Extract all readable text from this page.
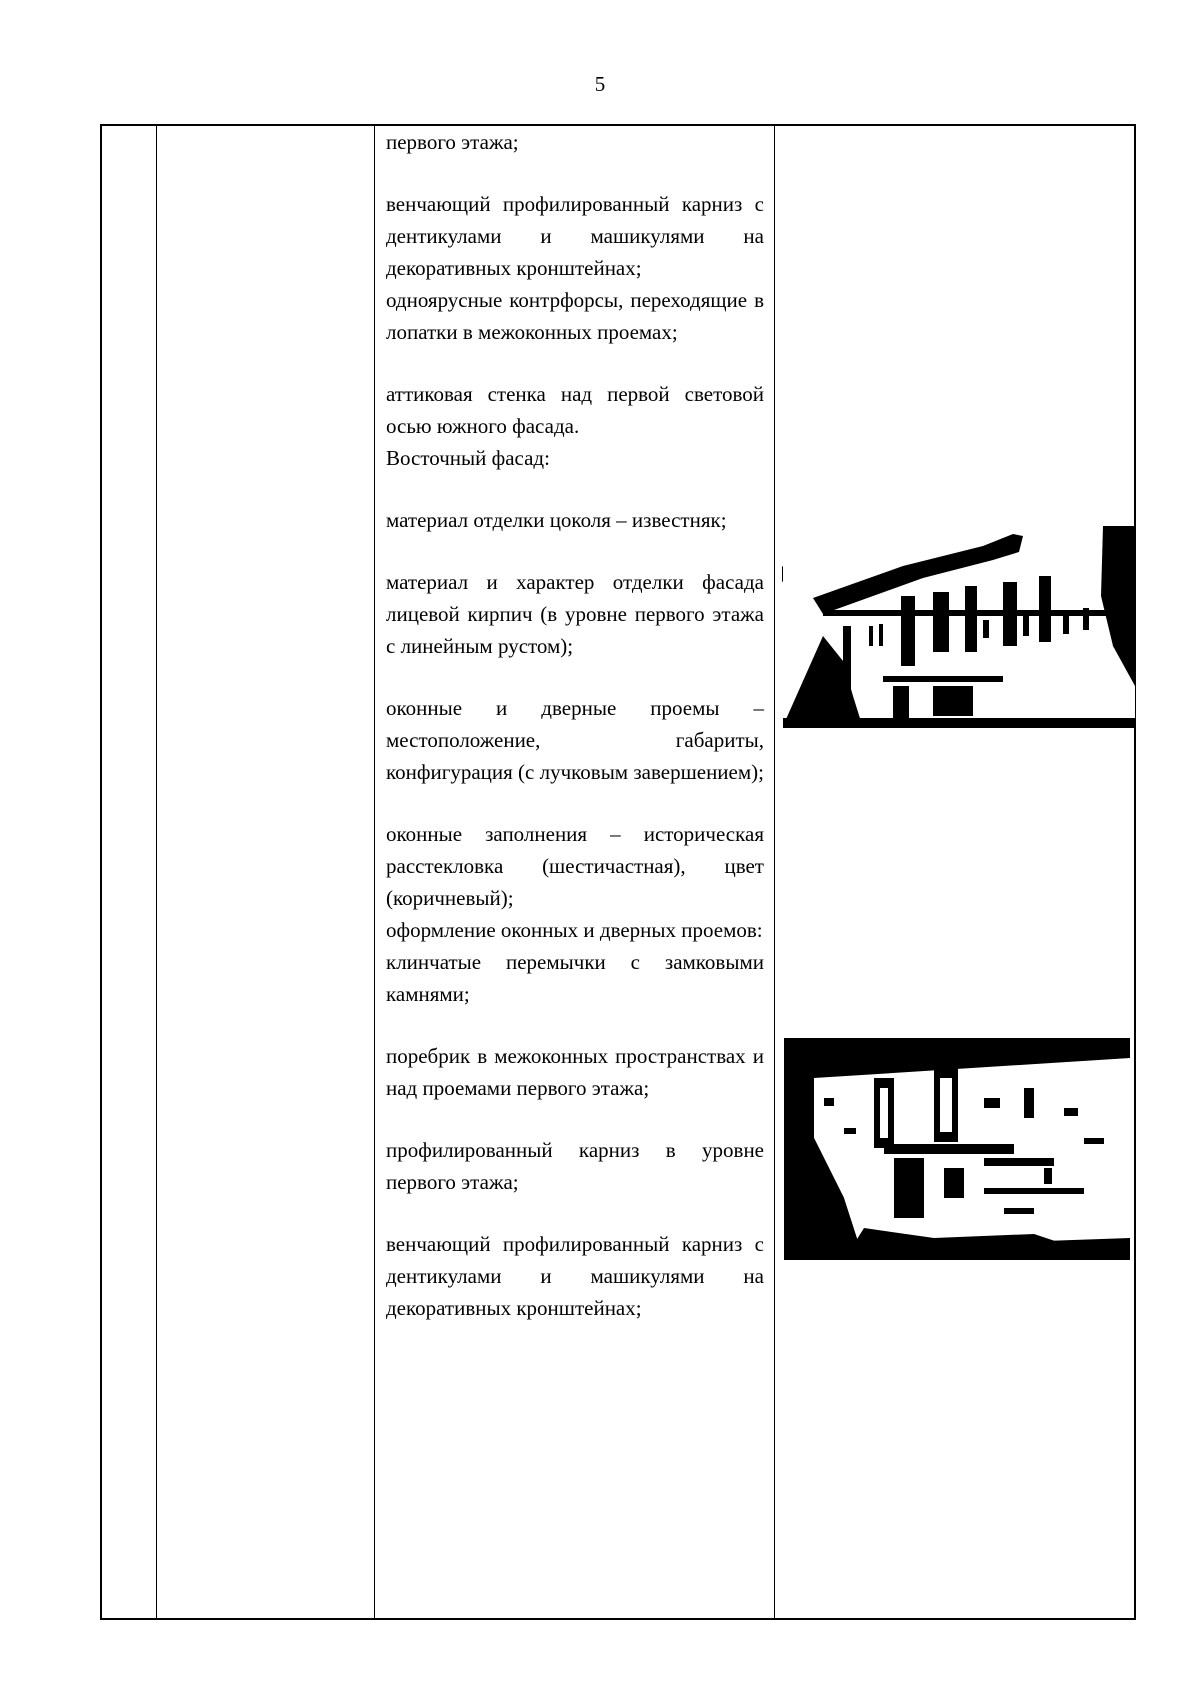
5

первого этажа;

венчающий профилированный карниз с дентикулами и машикулями на декоративных кронштейнах;

одноярусные контрфорсы, переходящие в лопатки в межоконных проемах;

аттиковая стенка над первой световой осью южного фасада.

Восточный фасад:

материал отделки цоколя – известняк;

материал и характер отделки фасада лицевой кирпич (в уровне первого этажа с линейным рустом);

оконные и дверные проемы – местоположение, габариты, конфигурация (с лучковым завершением);

оконные заполнения – историческая расстекловка (шестичастная), цвет (коричневый);

оформление оконных и дверных проемов:

клинчатые перемычки с замковыми камнями;

поребрик в межоконных пространствах и над проемами первого этажа;

профилированный карниз в уровне первого этажа;

венчающий профилированный карниз с дентикулами и машикулями на декоративных кронштейнах;
